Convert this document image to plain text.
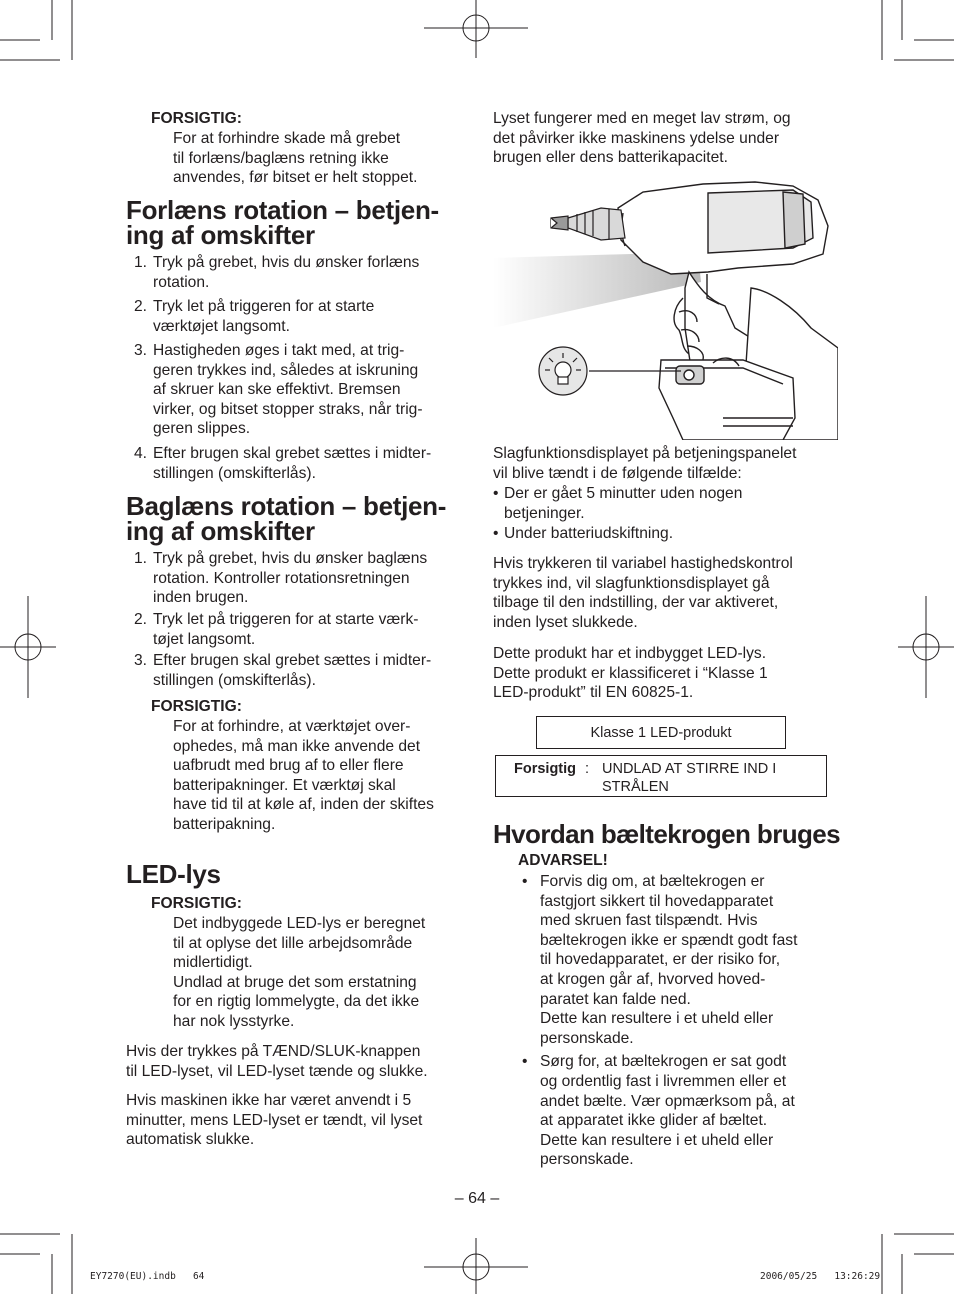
FORSIGTIG:
For at forhindre skade må grebet
til forlæns/baglæns retning ikke
anvendes, før bitset er helt stoppet.
Forlæns rotation – betjen-
ing af omskifter
1. Tryk på grebet, hvis du ønsker forlæns
rotation.
2. Tryk let på triggeren for at starte
værktøjet langsomt.
3. Hastigheden øges i takt med, at trig-
geren trykkes ind, således at iskruning
af skruer kan ske effektivt. Bremsen
virker, og bitset stopper straks, når trig-
geren slippes.
4. Efter brugen skal grebet sættes i midter-
stillingen (omskifterlås).
Baglæns rotation – betjen-
ing af omskifter
1. Tryk på grebet, hvis du ønsker baglæns
rotation. Kontroller rotationsretningen
inden brugen.
2. Tryk let på triggeren for at starte værk-
tøjet langsomt.
3. Efter brugen skal grebet sættes i midter-
stillingen (omskifterlås).
FORSIGTIG:
For at forhindre, at værktøjet over-
ophedes, må man ikke anvende det
uafbrudt med brug af to eller flere
batteripakninger. Et værktøj skal
have tid til at køle af, inden der skiftes
batteripakning.
LED-lys
FORSIGTIG:
Det indbyggede LED-lys er beregnet
til at oplyse det lille arbejdsområde
midlertidigt.
Undlad at bruge det som erstatning
for en rigtig lommelygte, da det ikke
har nok lysstyrke.
Hvis der trykkes på TÆND/SLUK-knappen
til LED-lyset, vil LED-lyset tænde og slukke.
Hvis maskinen ikke har været anvendt i 5
minutter, mens LED-lyset er tændt, vil lyset
automatisk slukke.
Lyset fungerer med en meget lav strøm, og
det påvirker ikke maskinens ydelse under
brugen eller dens batterikapacitet.
Slagfunktionsdisplayet på betjeningspanelet
vil blive tændt i de følgende tilfælde:
• Der er gået 5 minutter uden nogen
betjeninger.
• Under batteriudskiftning.
Hvis trykkeren til variabel hastighedskontrol
trykkes ind, vil slagfunktionsdisplayet gå
tilbage til den indstilling, der var aktiveret,
inden lyset slukkede.
Dette produkt har et indbygget LED-lys.
Dette produkt er klassificeret i “Klasse 1
LED-produkt” til EN 60825-1.
Klasse 1 LED-produkt
Forsigtig : UNDLAD AT STIRRE IND I
STRÅLEN
Hvordan bæltekrogen bruges
ADVARSEL!
• Forvis dig om, at bæltekrogen er
fastgjort sikkert til hovedapparatet
med skruen fast tilspændt. Hvis
bæltekrogen ikke er spændt godt fast
til hovedapparatet, er der risiko for,
at krogen går af, hvorved hoved-
paratet kan falde ned.
Dette kan resultere i et uheld eller
personskade.
• Sørg for, at bæltekrogen er sat godt
og ordentlig fast i livremmen eller et
andet bælte. Vær opmærksom på, at
at apparatet ikke glider af bæltet.
Dette kan resultere i et uheld eller
personskade.
– 64 –
EY7270(EU).indb   64	2006/05/25   13:26:29
